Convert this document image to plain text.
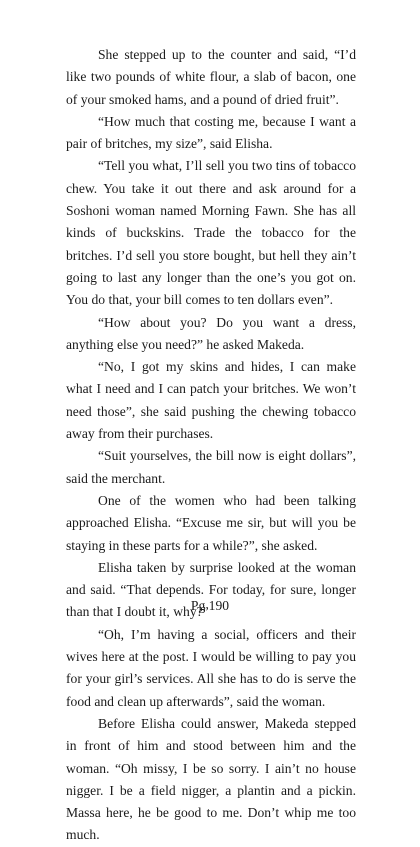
She stepped up to the counter and said, “I’d like two pounds of white flour, a slab of bacon, one of your smoked hams, and a pound of dried fruit”.

“How much that costing me, because I want a pair of britches, my size”, said Elisha.

“Tell you what, I’ll sell you two tins of tobacco chew. You take it out there and ask around for a Soshoni woman named Morning Fawn. She has all kinds of buckskins. Trade the tobacco for the britches. I’d sell you store bought, but hell they ain’t going to last any longer than the one’s you got on. You do that, your bill comes to ten dollars even”.

“How about you? Do you want a dress, anything else you need?” he asked Makeda.

“No, I got my skins and hides, I can make what I need and I can patch your britches. We won’t need those”, she said pushing the chewing tobacco away from their purchases.

“Suit yourselves, the bill now is eight dollars”, said the merchant.

One of the women who had been talking approached Elisha. “Excuse me sir, but will you be staying in these parts for a while?”, she asked.

Elisha taken by surprise looked at the woman and said. “That depends. For today, for sure, longer than that I doubt it, why?”

“Oh, I’m having a social, officers and their wives here at the post. I would be willing to pay you for your girl’s services. All she has to do is serve the food and clean up afterwards”, said the woman.

Before Elisha could answer, Makeda stepped in front of him and stood between him and the woman. “Oh missy, I be so sorry. I ain’t no house nigger. I be a field nigger, a plantin and a pickin. Massa here, he be good to me. Don’t whip me too much.

Pg 190
